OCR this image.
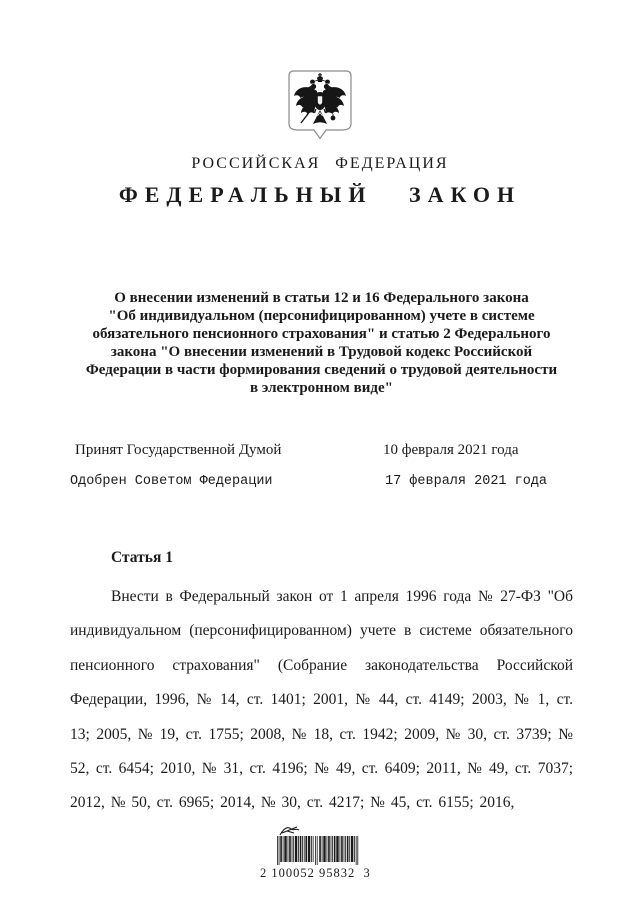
РОССИЙСКАЯ ФЕДЕРАЦИЯ
ФЕДЕРАЛЬНЫЙ ЗАКОН
О внесении изменений в статьи 12 и 16 Федерального закона
"Об индивидуальном (персонифицированном) учете в системе
обязательного пенсионного страхования" и статью 2 Федерального
закона "О внесении изменений в Трудовой кодекс Российской
Федерации в части формирования сведений о трудовой деятельности
в электронном виде"
Принят Государственной Думой	10 февраля 2021 года
Одобрен Советом Федерации	17 февраля 2021 года

Статья 1

Внести в Федеральный закон от 1 апреля 1996 года № 27-ФЗ "Об индивидуальном (персонифицированном) учете в системе обязательного пенсионного страхования" (Собрание законодательства Российской Федерации, 1996, № 14, ст. 1401; 2001, № 44, ст. 4149; 2003, № 1, ст. 13; 2005, № 19, ст. 1755; 2008, № 18, ст. 1942; 2009, № 30, ст. 3739; № 52, ст. 6454; 2010, № 31, ст. 4196; № 49, ст. 6409; 2011, № 49, ст. 7037; 2012, № 50, ст. 6965; 2014, № 30, ст. 4217; № 45, ст. 6155; 2016,

2 100052 95832  3
